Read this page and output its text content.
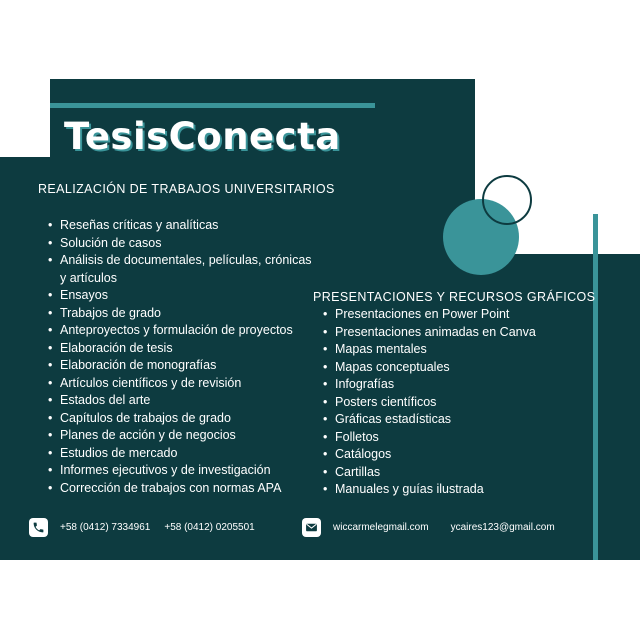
TesisConecta

REALIZACIÓN DE TRABAJOS UNIVERSITARIOS

• Reseñas críticas y analíticas
• Solución de casos
• Análisis de documentales, películas, crónicas y artículos
• Ensayos
• Trabajos de grado
• Anteproyectos y formulación de proyectos
• Elaboración de tesis
• Elaboración de monografías
• Artículos científicos y de revisión
• Estados del arte
• Capítulos de trabajos de grado
• Planes de acción y de negocios
• Estudios de mercado
• Informes ejecutivos y de investigación
• Corrección de trabajos con normas APA

PRESENTACIONES Y RECURSOS GRÁFICOS

• Presentaciones en Power Point
• Presentaciones animadas en Canva
• Mapas mentales
• Mapas conceptuales
• Infografías
• Posters científicos
• Gráficas estadísticas
• Folletos
• Catálogos
• Cartillas
• Manuales y guías ilustrada
+58 (0412) 7334961 +58 (0412) 0205501	wiccarmelegmail.com ycaires123@gmail.com
